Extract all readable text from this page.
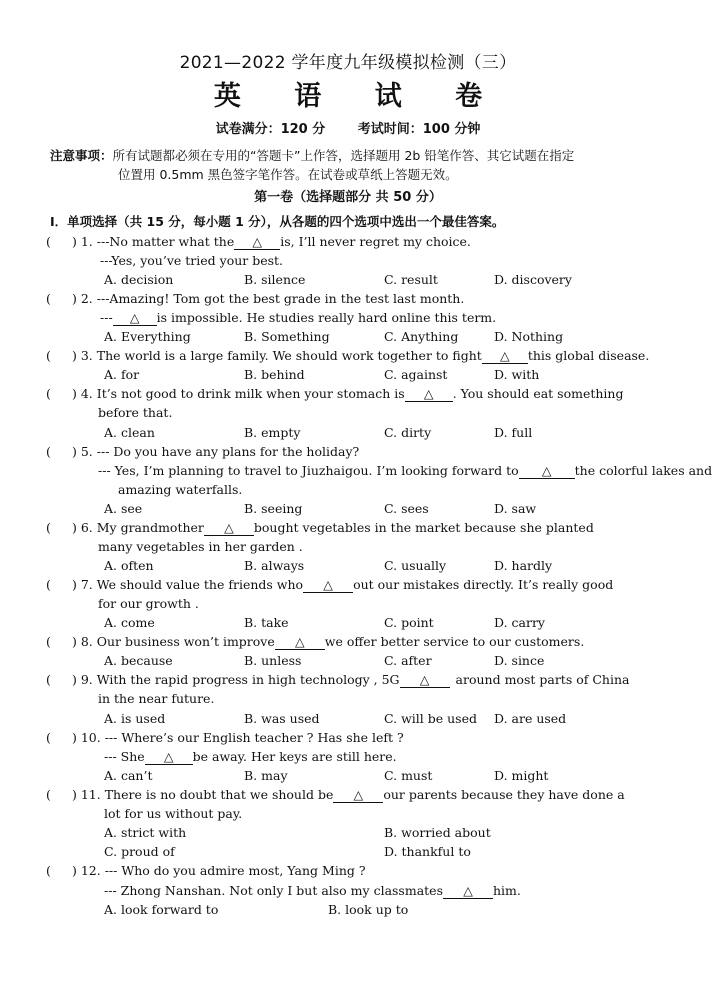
2021—2022 学年度九年级模拟检测（三）
英 语 试 卷
试卷满分：120 分	考试时间：100 分钟
注意事项：所有试题都必须在专用的“答题卡”上作答，选择题用 2b 铅笔作答、其它试题在指定
位置用 0.5mm 黑色签字笔作答。在试卷或草纸上答题无效。
第一卷（选择题部分 共 50 分）
Ⅰ．单项选择（共 15 分，每小题 1 分），从各题的四个选项中选出一个最佳答案。
( ) 1. ---No matter what the △ is, I’ll never regret my choice.
---Yes, you’ve tried your best.
A. decision	B. silence	C. result	D. discovery
( ) 2. ---Amazing! Tom got the best grade in the test last month.
--- △ is impossible. He studies really hard online this term.
A. Everything	B. Something	C. Anything	D. Nothing
( ) 3. The world is a large family. We should work together to fight △ this global disease.
A. for	B. behind	C. against	D. with
( ) 4. It’s not good to drink milk when your stomach is △ . You should eat something
before that.
A. clean	B. empty	C. dirty	D. full
( ) 5. --- Do you have any plans for the holiday?
--- Yes, I’m planning to travel to Jiuzhaigou. I’m looking forward to △ the colorful lakes and
amazing waterfalls.
A. see	B. seeing	C. sees	D. saw
( ) 6. My grandmother △ bought vegetables in the market because she planted
many vegetables in her garden .
A. often	B. always	C. usually	D. hardly
( ) 7. We should value the friends who △ out our mistakes directly. It’s really good
for our growth .
A. come	B. take	C. point	D. carry
( ) 8. Our business won’t improve △ we offer better service to our customers.
A. because	B. unless	C. after	D. since
( ) 9. With the rapid progress in high technology , 5G △ around most parts of China
in the near future.
A. is used	B. was used	C. will be used D. are used
( ) 10. --- Where’s our English teacher ? Has she left ?
--- She △ be away. Her keys are still here.
A. can’t	B. may	C. must	D. might
( ) 11. There is no doubt that we should be △ our parents because they have done a
lot for us without pay.
A. strict with	B. worried about
C. proud of	D. thankful to
( ) 12. --- Who do you admire most, Yang Ming ?
--- Zhong Nanshan. Not only I but also my classmates △ him.
A. look forward to	B. look up to
